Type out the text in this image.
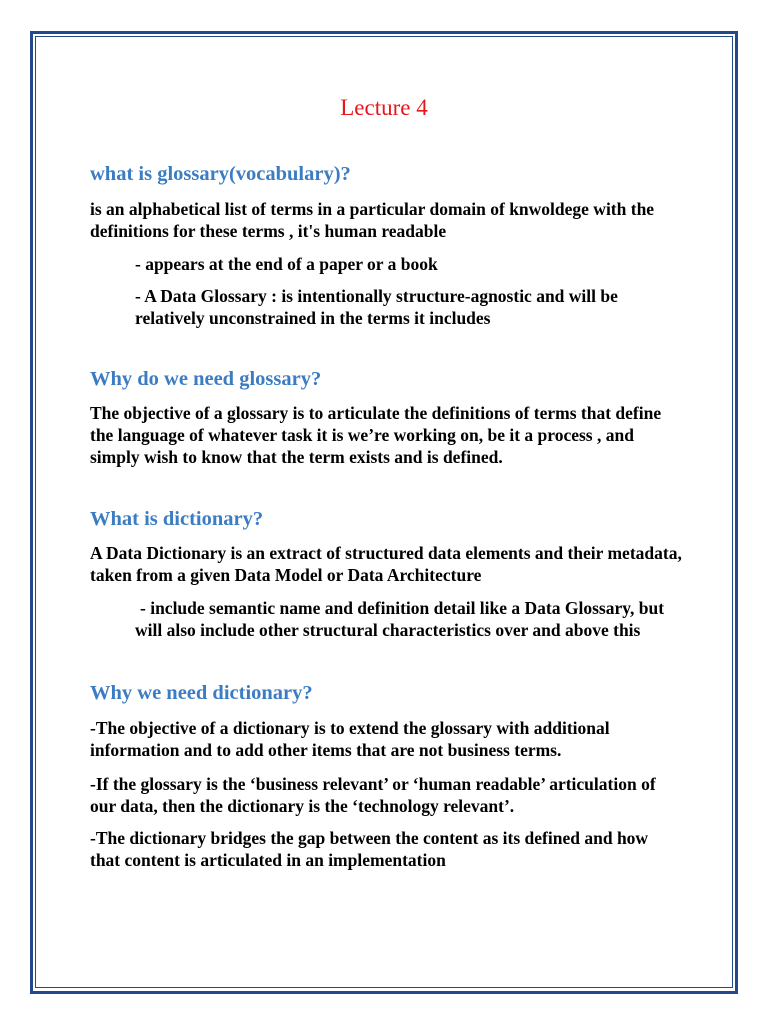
Lecture 4
what is glossary(vocabulary)?
is an alphabetical list of terms in a particular domain of knwoldege with the
definitions for these terms , it's human readable
- appears at the end of a paper or a book
- A Data Glossary : is intentionally structure-agnostic and will be
relatively unconstrained in the terms it includes
Why do we need glossary?
The objective of a glossary is to articulate the definitions of terms that define
the language of whatever task it is we’re working on, be it a process , and
simply wish to know that the term exists and is defined.
What is dictionary?
A Data Dictionary is an extract of structured data elements and their metadata,
taken from a given Data Model or Data Architecture
- include semantic name and definition detail like a Data Glossary, but
will also include other structural characteristics over and above this
Why we need dictionary?
-The objective of a dictionary is to extend the glossary with additional
information and to add other items that are not business terms.
-If the glossary is the ‘business relevant’ or ‘human readable’ articulation of
our data, then the dictionary is the ‘technology relevant’.
-The dictionary bridges the gap between the content as its defined and how
that content is articulated in an implementation
